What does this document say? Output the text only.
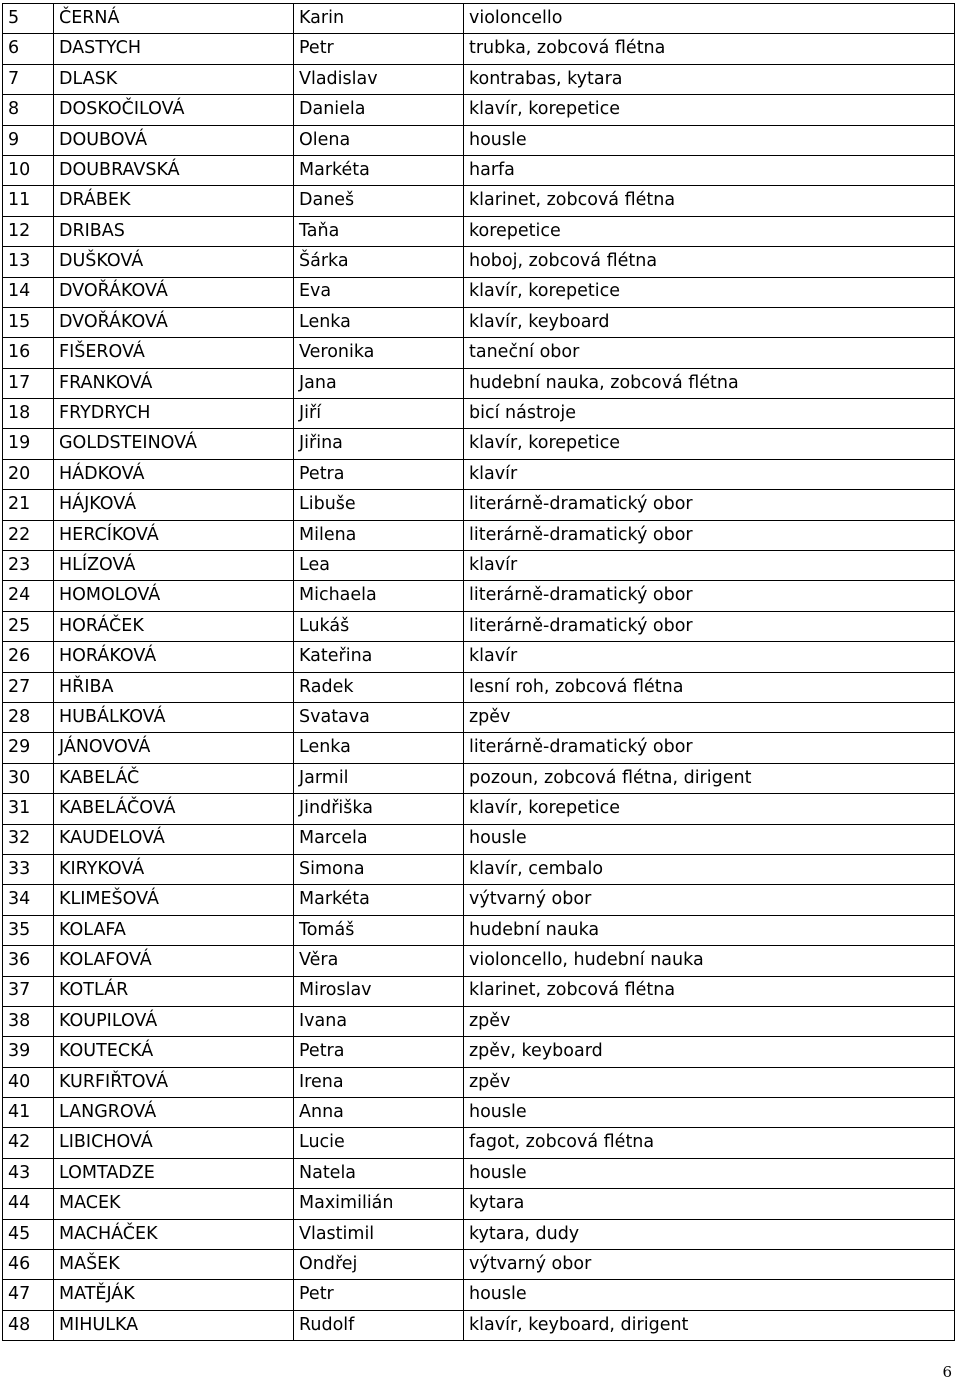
5	ČERNÁ	Karin	violoncello
6	DASTYCH	Petr	trubka, zobcová flétna
7	DLASK	Vladislav	kontrabas, kytara
8	DOSKOČILOVÁ	Daniela	klavír, korepetice
9	DOUBOVÁ	Olena	housle
10	DOUBRAVSKÁ	Markéta	harfa
11	DRÁBEK	Daneš	klarinet, zobcová flétna
12	DRIBAS	Taňa	korepetice
13	DUŠKOVÁ	Šárka	hoboj, zobcová flétna
14	DVOŘÁKOVÁ	Eva	klavír, korepetice
15	DVOŘÁKOVÁ	Lenka	klavír, keyboard
16	FIŠEROVÁ	Veronika	taneční obor
17	FRANKOVÁ	Jana	hudební nauka, zobcová flétna
18	FRYDRYCH	Jiří	bicí nástroje
19	GOLDSTEINOVÁ	Jiřina	klavír, korepetice
20	HÁDKOVÁ	Petra	klavír
21	HÁJKOVÁ	Libuše	literárně-dramatický obor
22	HERCÍKOVÁ	Milena	literárně-dramatický obor
23	HLÍZOVÁ	Lea	klavír
24	HOMOLOVÁ	Michaela	literárně-dramatický obor
25	HORÁČEK	Lukáš	literárně-dramatický obor
26	HORÁKOVÁ	Kateřina	klavír
27	HŘIBA	Radek	lesní roh, zobcová flétna
28	HUBÁLKOVÁ	Svatava	zpěv
29	JÁNOVOVÁ	Lenka	literárně-dramatický obor
30	KABELÁČ	Jarmil	pozoun, zobcová flétna, dirigent
31	KABELÁČOVÁ	Jindřiška	klavír, korepetice
32	KAUDELOVÁ	Marcela	housle
33	KIRYKOVÁ	Simona	klavír, cembalo
34	KLIMEŠOVÁ	Markéta	výtvarný obor
35	KOLAFA	Tomáš	hudební nauka
36	KOLAFOVÁ	Věra	violoncello, hudební nauka
37	KOTLÁR	Miroslav	klarinet, zobcová flétna
38	KOUPILOVÁ	Ivana	zpěv
39	KOUTECKÁ	Petra	zpěv, keyboard
40	KURFIŘTOVÁ	Irena	zpěv
41	LANGROVÁ	Anna	housle
42	LIBICHOVÁ	Lucie	fagot, zobcová flétna
43	LOMTADZE	Natela	housle
44	MACEK	Maximilián	kytara
45	MACHÁČEK	Vlastimil	kytara, dudy
46	MAŠEK	Ondřej	výtvarný obor
47	MATĚJÁK	Petr	housle
48	MIHULKA	Rudolf	klavír, keyboard, dirigent
6
